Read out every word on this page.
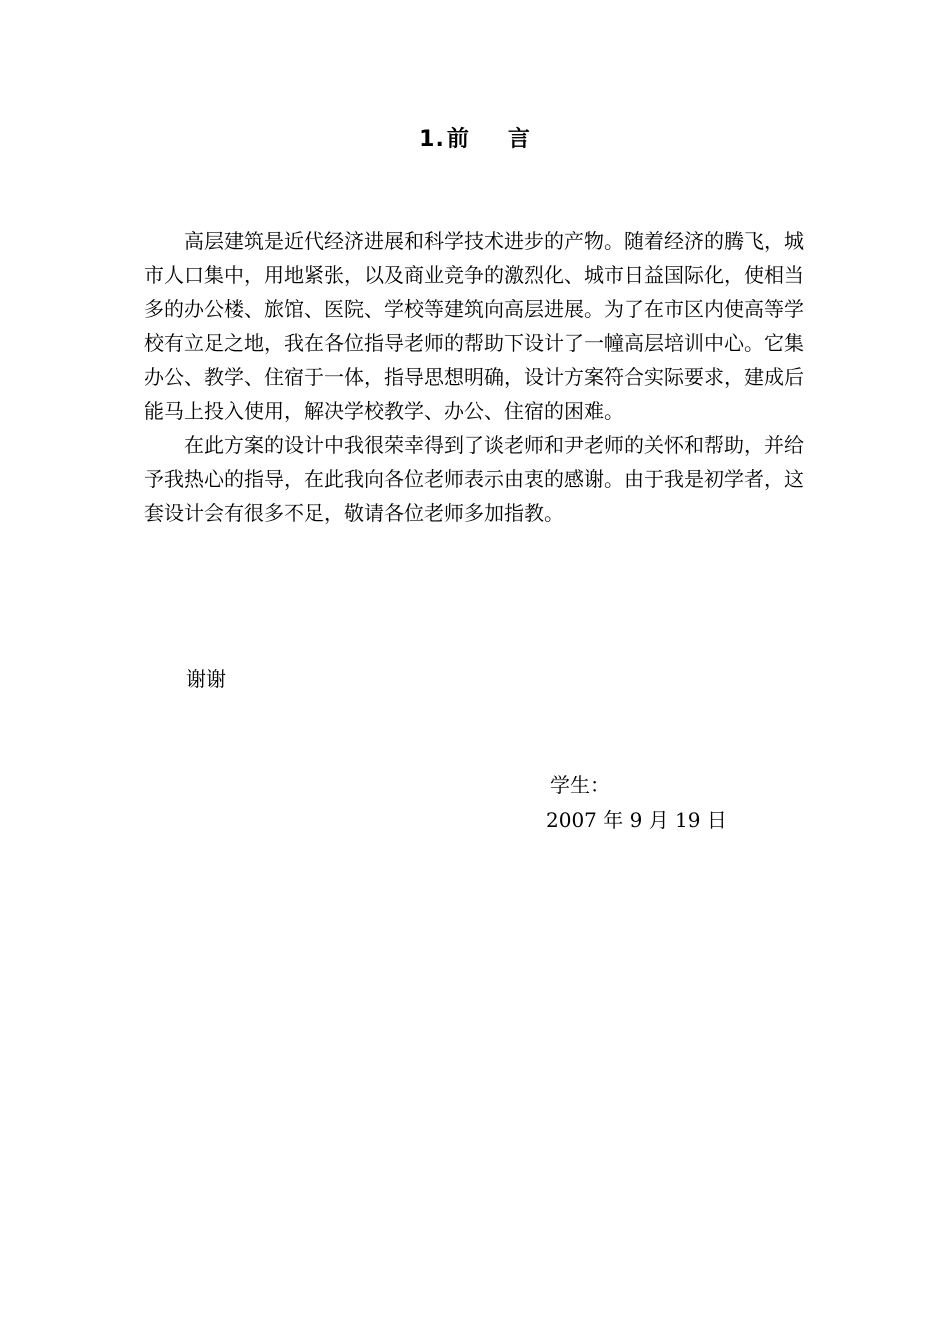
1.前 言

高层建筑是近代经济进展和科学技术进步的产物。随着经济的腾飞，城市人口集中，用地紧张，以及商业竞争的激烈化、城市日益国际化，使相当多的办公楼、旅馆、医院、学校等建筑向高层进展。为了在市区内使高等学校有立足之地，我在各位指导老师的帮助下设计了一幢高层培训中心。它集办公、教学、住宿于一体，指导思想明确，设计方案符合实际要求，建成后能马上投入使用，解决学校教学、办公、住宿的困难。

在此方案的设计中我很荣幸得到了谈老师和尹老师的关怀和帮助，并给予我热心的指导，在此我向各位老师表示由衷的感谢。由于我是初学者，这套设计会有很多不足，敬请各位老师多加指教。

谢谢
学生：
2007 年 9 月 19 日
